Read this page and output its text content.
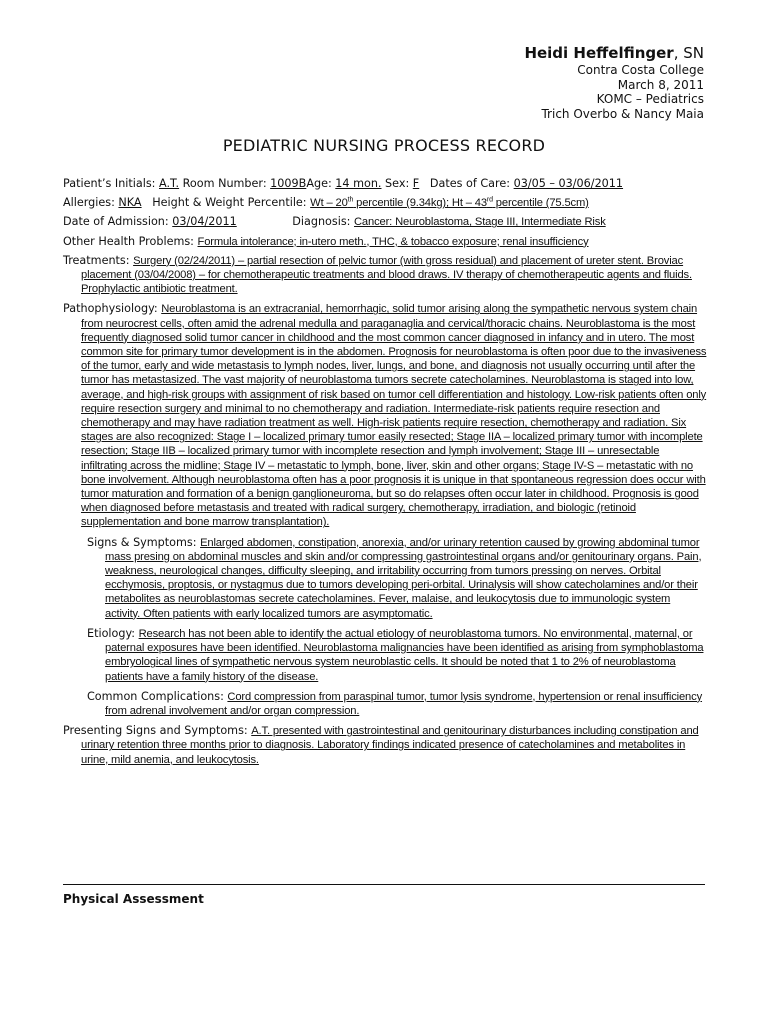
Heidi Heffelfinger, SN
Contra Costa College
March 8, 2011
KOMC – Pediatrics
Trich Overbo & Nancy Maia
PEDIATRIC NURSING PROCESS RECORD
Patient’s Initials: A.T. Room Number: 1009BAge: 14 mon. Sex: F Dates of Care: 03/05 – 03/06/2011
Allergies: NKA Height & Weight Percentile: Wt – 20th percentile (9.34kg); Ht – 43rd percentile (75.5cm)
Date of Admission: 03/04/2011	Diagnosis: Cancer: Neuroblastoma, Stage III, Intermediate Risk
Other Health Problems: Formula intolerance; in-utero meth., THC, & tobacco exposure; renal insufficiency
Treatments: Surgery (02/24/2011) – partial resection of pelvic tumor (with gross residual) and placement of ureter stent. Broviac placement (03/04/2008) – for chemotherapeutic treatments and blood draws. IV therapy of chemotherapeutic agents and fluids. Prophylactic antibiotic treatment.
Pathophysiology: Neuroblastoma is an extracranial, hemorrhagic, solid tumor arising along the sympathetic nervous system chain from neurocrest cells, often amid the adrenal medulla and paraganaglia and cervical/thoracic chains. Neuroblastoma is the most frequently diagnosed solid tumor cancer in childhood and the most common cancer diagnosed in infancy and in utero. The most common site for primary tumor development is in the abdomen. Prognosis for neuroblastoma is often poor due to the invasiveness of the tumor, early and wide metastasis to lymph nodes, liver, lungs, and bone, and diagnosis not usually occurring until after the tumor has metastasized. The vast majority of neuroblastoma tumors secrete catecholamines. Neuroblastoma is staged into low, average, and high-risk groups with assignment of risk based on tumor cell differentiation and histology. Low-risk patients often only require resection surgery and minimal to no chemotherapy and radiation. Intermediate-risk patients require resection and chemotherapy and may have radiation treatment as well. High-risk patients require resection, chemotherapy and radiation. Six stages are also recognized: Stage I – localized primary tumor easily resected; Stage IIA – localized primary tumor with incomplete resection; Stage IIB – localized primary tumor with incomplete resection and lymph involvement; Stage III – unresectable infiltrating across the midline; Stage IV – metastatic to lymph, bone, liver, skin and other organs; Stage IV-S – metastatic with no bone involvement. Although neuroblastoma often has a poor prognosis it is unique in that spontaneous regression does occur with tumor maturation and formation of a benign ganglioneuroma, but so do relapses often occur later in childhood. Prognosis is good when diagnosed before metastasis and treated with radical surgery, chemotherapy, irradiation, and biologic (retinoid supplementation and bone marrow transplantation).
Signs & Symptoms: Enlarged abdomen, constipation, anorexia, and/or urinary retention caused by growing abdominal tumor mass presing on abdominal muscles and skin and/or compressing gastrointestinal organs and/or genitourinary organs. Pain, weakness, neurological changes, difficulty sleeping, and irritability occurring from tumors pressing on nerves. Orbital ecchymosis, proptosis, or nystagmus due to tumors developing peri-orbital. Urinalysis will show catecholamines and/or their metabolites as neuroblastomas secrete catecholamines. Fever, malaise, and leukocytosis due to immunologic system activity. Often patients with early localized tumors are asymptomatic.
Etiology: Research has not been able to identify the actual etiology of neuroblastoma tumors. No environmental, maternal, or paternal exposures have been identified. Neuroblastoma malignancies have been identified as arising from symphoblastoma embryological lines of sympathetic nervous system neuroblastic cells. It should be noted that 1 to 2% of neuroblastoma patients have a family history of the disease.
Common Complications: Cord compression from paraspinal tumor, tumor lysis syndrome, hypertension or renal insufficiency from adrenal involvement and/or organ compression.
Presenting Signs and Symptoms: A.T. presented with gastrointestinal and genitourinary disturbances including constipation and urinary retention three months prior to diagnosis. Laboratory findings indicated presence of catecholamines and metabolites in urine, mild anemia, and leukocytosis.
Physical Assessment
